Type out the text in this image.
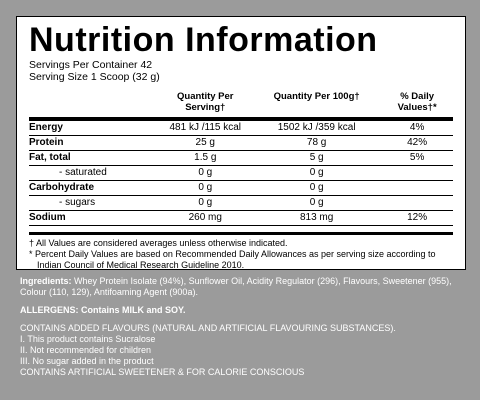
Nutrition Information
Servings Per Container 42
Serving Size 1 Scoop (32 g)
	Quantity Per Serving†	Quantity Per 100g†	% Daily Values†*
Energy	481 kJ /115 kcal	1502 kJ /359 kcal	4%
Protein	25 g	78 g	42%
Fat, total	1.5 g	5 g	5%
- saturated	0 g	0 g	
Carbohydrate	0 g	0 g	
- sugars	0 g	0 g	
Sodium	260 mg	813 mg	12%
† All Values are considered averages unless otherwise indicated.
* Percent Daily Values are based on Recommended Daily Allowances as per serving size according to Indian Council of Medical Research Guideline 2010.
Ingredients: Whey Protein Isolate (94%), Sunflower Oil, Acidity Regulator (296), Flavours, Sweetener (955), Colour (110, 129), Antifoaming Agent (900a).
ALLERGENS: Contains MILK and SOY.
CONTAINS ADDED FLAVOURS (NATURAL AND ARTIFICIAL FLAVOURING SUBSTANCES).
I. This product contains Sucralose
II. Not recommended for children
III. No sugar added in the product
CONTAINS ARTIFICIAL SWEETENER & FOR CALORIE CONSCIOUS
